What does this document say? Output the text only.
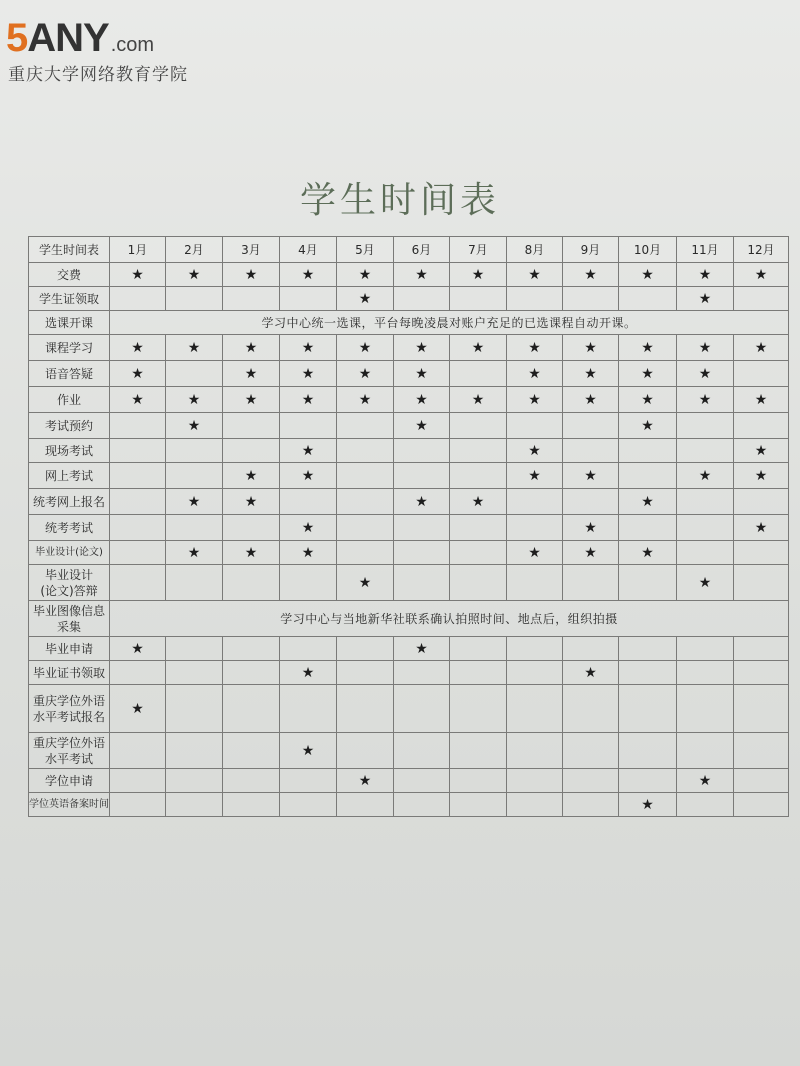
5ANY .com
重庆大学网络教育学院
学生时间表
学生时间表	1月	2月	3月	4月	5月	6月	7月	8月	9月	10月	11月	12月
交费	★	★	★	★	★	★	★	★	★	★	★	★
学生证领取					★						★	
选课开课	学习中心统一选课，平台每晚凌晨对账户充足的已选课程自动开课。											
课程学习	★	★	★	★	★	★	★	★	★	★	★	★
语音答疑	★		★	★	★	★		★	★	★	★	
作业	★	★	★	★	★	★	★	★	★	★	★	★
考试预约		★				★				★		
现场考试				★				★				★
网上考试			★	★				★	★		★	★
统考网上报名		★	★			★	★			★		
统考考试				★					★			★
毕业设计(论文)		★	★	★				★	★	★		
毕业设计
(论文)答辩					★						★	
毕业图像信息
采集	学习中心与当地新华社联系确认拍照时间、地点后，组织拍摄											
毕业申请	★					★						
毕业证书领取				★					★			
重庆学位外语
水平考试报名	★											
重庆学位外语
水平考试				★								
学位申请					★						★	
学位英语备案时间										★		
